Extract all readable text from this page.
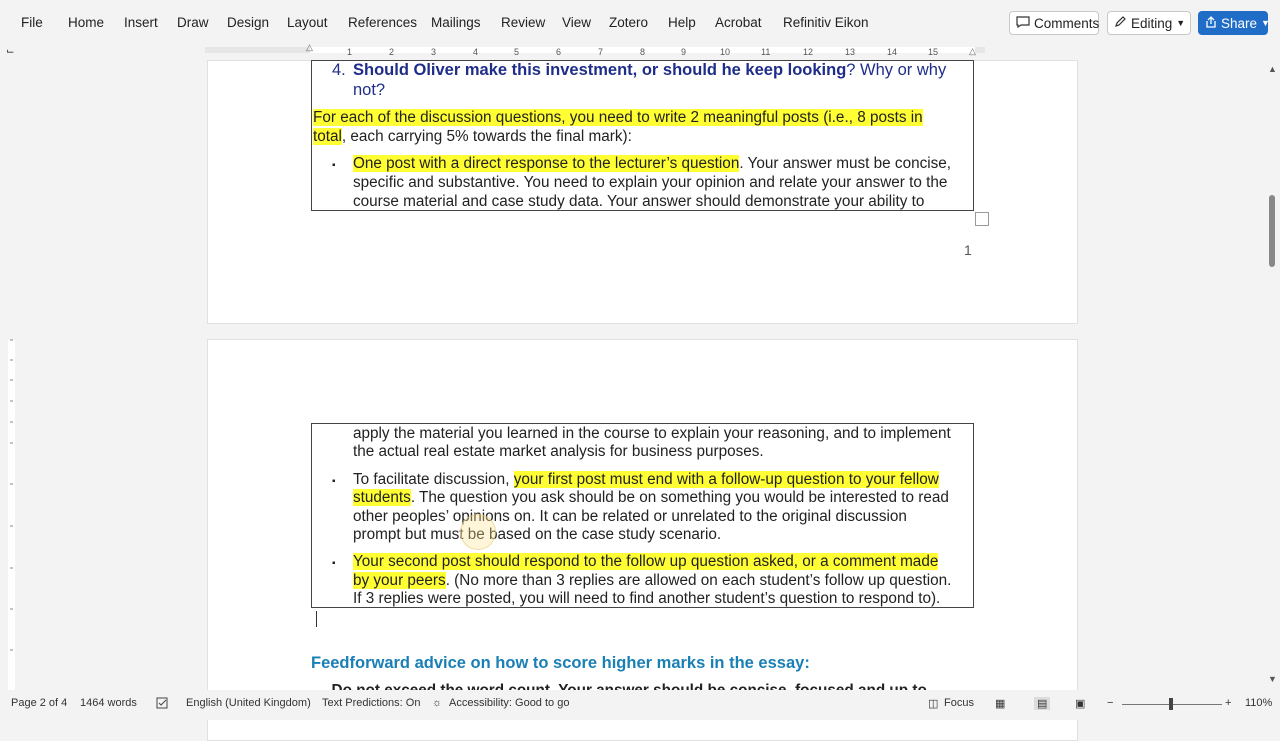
File Home Insert Draw Design Layout References Mailings Review View Zotero Help Acrobat Refinitiv Eikon	Comments Editing ▼	Share ▼
⌙	1	2	3	4	5	6	7	8	9	10	11	12	13	14	15
△	△
4. Should Oliver make this investment, or should he keep looking? Why or why
not?
For each of the discussion questions, you need to write 2 meaningful posts (i.e., 8 posts in
total, each carrying 5% towards the final mark):
▪ One post with a direct response to the lecturer’s question. Your answer must be concise,
specific and substantive. You need to explain your opinion and relate your answer to the
course material and case study data. Your answer should demonstrate your ability to
1
apply the material you learned in the course to explain your reasoning, and to implement
the actual real estate market analysis for business purposes.
▪ To facilitate discussion, your first post must end with a follow-up question to your fellow
students. The question you ask should be on something you would be interested to read
other peoples’ opinions on. It can be related or unrelated to the original discussion
prompt but must be based on the case study scenario.
▪ Your second post should respond to the follow up question asked, or a comment made
by your peers. (No more than 3 replies are allowed on each student’s follow up question.
If 3 replies were posted, you will need to find another student’s question to respond to).
Feedforward advice on how to score higher marks in the essay:
▲
▼
Page 2 of 4 1464 words	English (United Kingdom) Text Predictions: On ☼ Accessibility: Good to go	◫ Focus ▦	▤	▣ −	+ 110%
